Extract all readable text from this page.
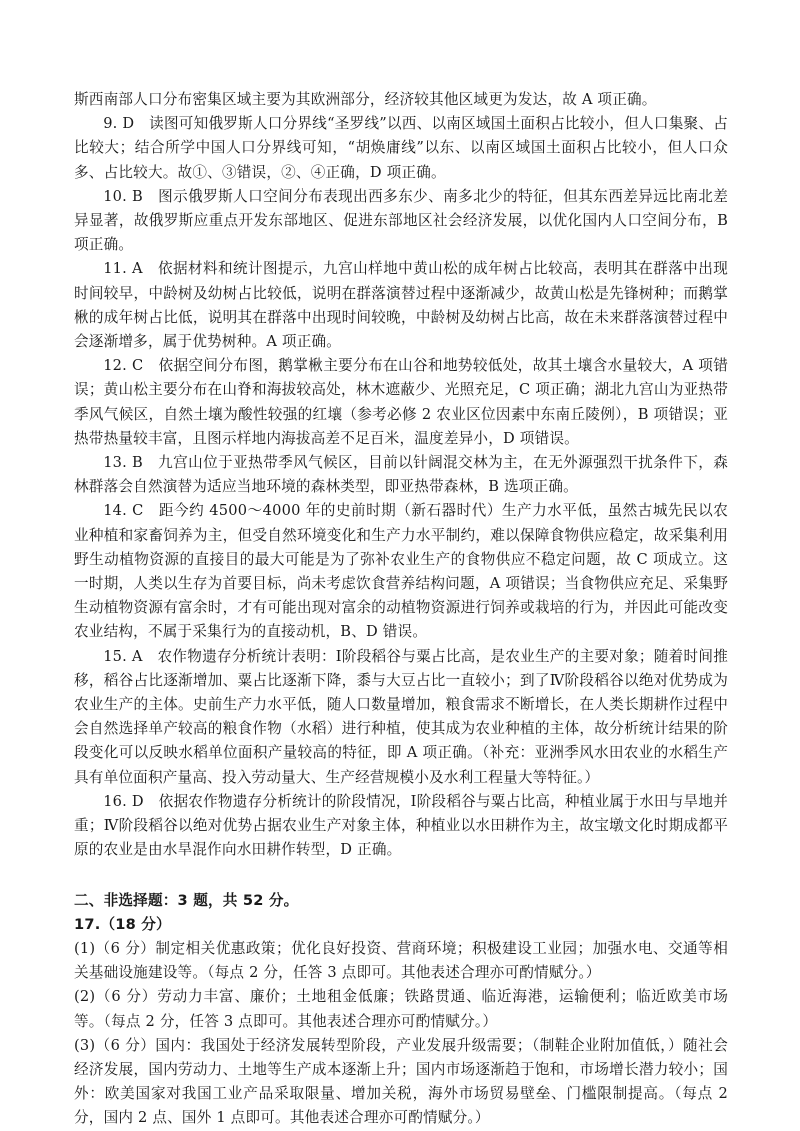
斯西南部人口分布密集区域主要为其欧洲部分，经济较其他区域更为发达，故 A 项正确。

9. D　读图可知俄罗斯人口分界线“圣罗线”以西、以南区域国土面积占比较小，但人口集聚、占比较大；结合所学中国人口分界线可知，“胡焕庸线”以东、以南区域国土面积占比较小，但人口众多、占比较大。故①、③错误，②、④正确，D 项正确。

10. B　图示俄罗斯人口空间分布表现出西多东少、南多北少的特征，但其东西差异远比南北差异显著，故俄罗斯应重点开发东部地区、促进东部地区社会经济发展，以优化国内人口空间分布，B 项正确。

11. A　依据材料和统计图提示，九宫山样地中黄山松的成年树占比较高，表明其在群落中出现时间较早，中龄树及幼树占比较低，说明在群落演替过程中逐渐减少，故黄山松是先锋树种；而鹅掌楸的成年树占比低，说明其在群落中出现时间较晚，中龄树及幼树占比高，故在未来群落演替过程中会逐渐增多，属于优势树种。A 项正确。

12. C　依据空间分布图，鹅掌楸主要分布在山谷和地势较低处，故其土壤含水量较大，A 项错误；黄山松主要分布在山脊和海拔较高处，林木遮蔽少、光照充足，C 项正确；湖北九宫山为亚热带季风气候区，自然土壤为酸性较强的红壤（参考必修 2 农业区位因素中东南丘陵例），B 项错误；亚热带热量较丰富，且图示样地内海拔高差不足百米，温度差异小，D 项错误。

13. B　九宫山位于亚热带季风气候区，目前以针阔混交林为主，在无外源强烈干扰条件下，森林群落会自然演替为适应当地环境的森林类型，即亚热带森林，B 选项正确。

14. C　距今约 4500～4000 年的史前时期（新石器时代）生产力水平低，虽然古城先民以农业种植和家畜饲养为主，但受自然环境变化和生产力水平制约，难以保障食物供应稳定，故采集利用野生动植物资源的直接目的最大可能是为了弥补农业生产的食物供应不稳定问题，故 C 项成立。这一时期，人类以生存为首要目标，尚未考虑饮食营养结构问题，A 项错误；当食物供应充足、采集野生动植物资源有富余时，才有可能出现对富余的动植物资源进行饲养或栽培的行为，并因此可能改变农业结构，不属于采集行为的直接动机，B、D 错误。

15. A　农作物遗存分析统计表明：Ⅰ阶段稻谷与粟占比高，是农业生产的主要对象；随着时间推移，稻谷占比逐渐增加、粟占比逐渐下降，黍与大豆占比一直较小；到了Ⅳ阶段稻谷以绝对优势成为农业生产的主体。史前生产力水平低，随人口数量增加，粮食需求不断增长，在人类长期耕作过程中会自然选择单产较高的粮食作物（水稻）进行种植，使其成为农业种植的主体，故分析统计结果的阶段变化可以反映水稻单位面积产量较高的特征，即 A 项正确。（补充：亚洲季风水田农业的水稻生产具有单位面积产量高、投入劳动量大、生产经营规模小及水利工程量大等特征。）

16. D　依据农作物遗存分析统计的阶段情况，Ⅰ阶段稻谷与粟占比高，种植业属于水田与旱地并重；Ⅳ阶段稻谷以绝对优势占据农业生产对象主体，种植业以水田耕作为主，故宝墩文化时期成都平原的农业是由水旱混作向水田耕作转型，D 正确。

二、非选择题：3 题，共 52 分。

17.（18 分）

(1)（6 分）制定相关优惠政策；优化良好投资、营商环境；积极建设工业园；加强水电、交通等相关基础设施建设等。（每点 2 分，任答 3 点即可。其他表述合理亦可酌情赋分。）

(2)（6 分）劳动力丰富、廉价；土地租金低廉；铁路贯通、临近海港，运输便利；临近欧美市场等。（每点 2 分，任答 3 点即可。其他表述合理亦可酌情赋分。）

(3)（6 分）国内：我国处于经济发展转型阶段，产业发展升级需要；（制鞋企业附加值低，）随社会经济发展，国内劳动力、土地等生产成本逐渐上升；国内市场逐渐趋于饱和，市场增长潜力较小；国外：欧美国家对我国工业产品采取限量、增加关税，海外市场贸易壁垒、门槛限制提高。（每点 2 分，国内 2 点、国外 1 点即可。其他表述合理亦可酌情赋分。）
